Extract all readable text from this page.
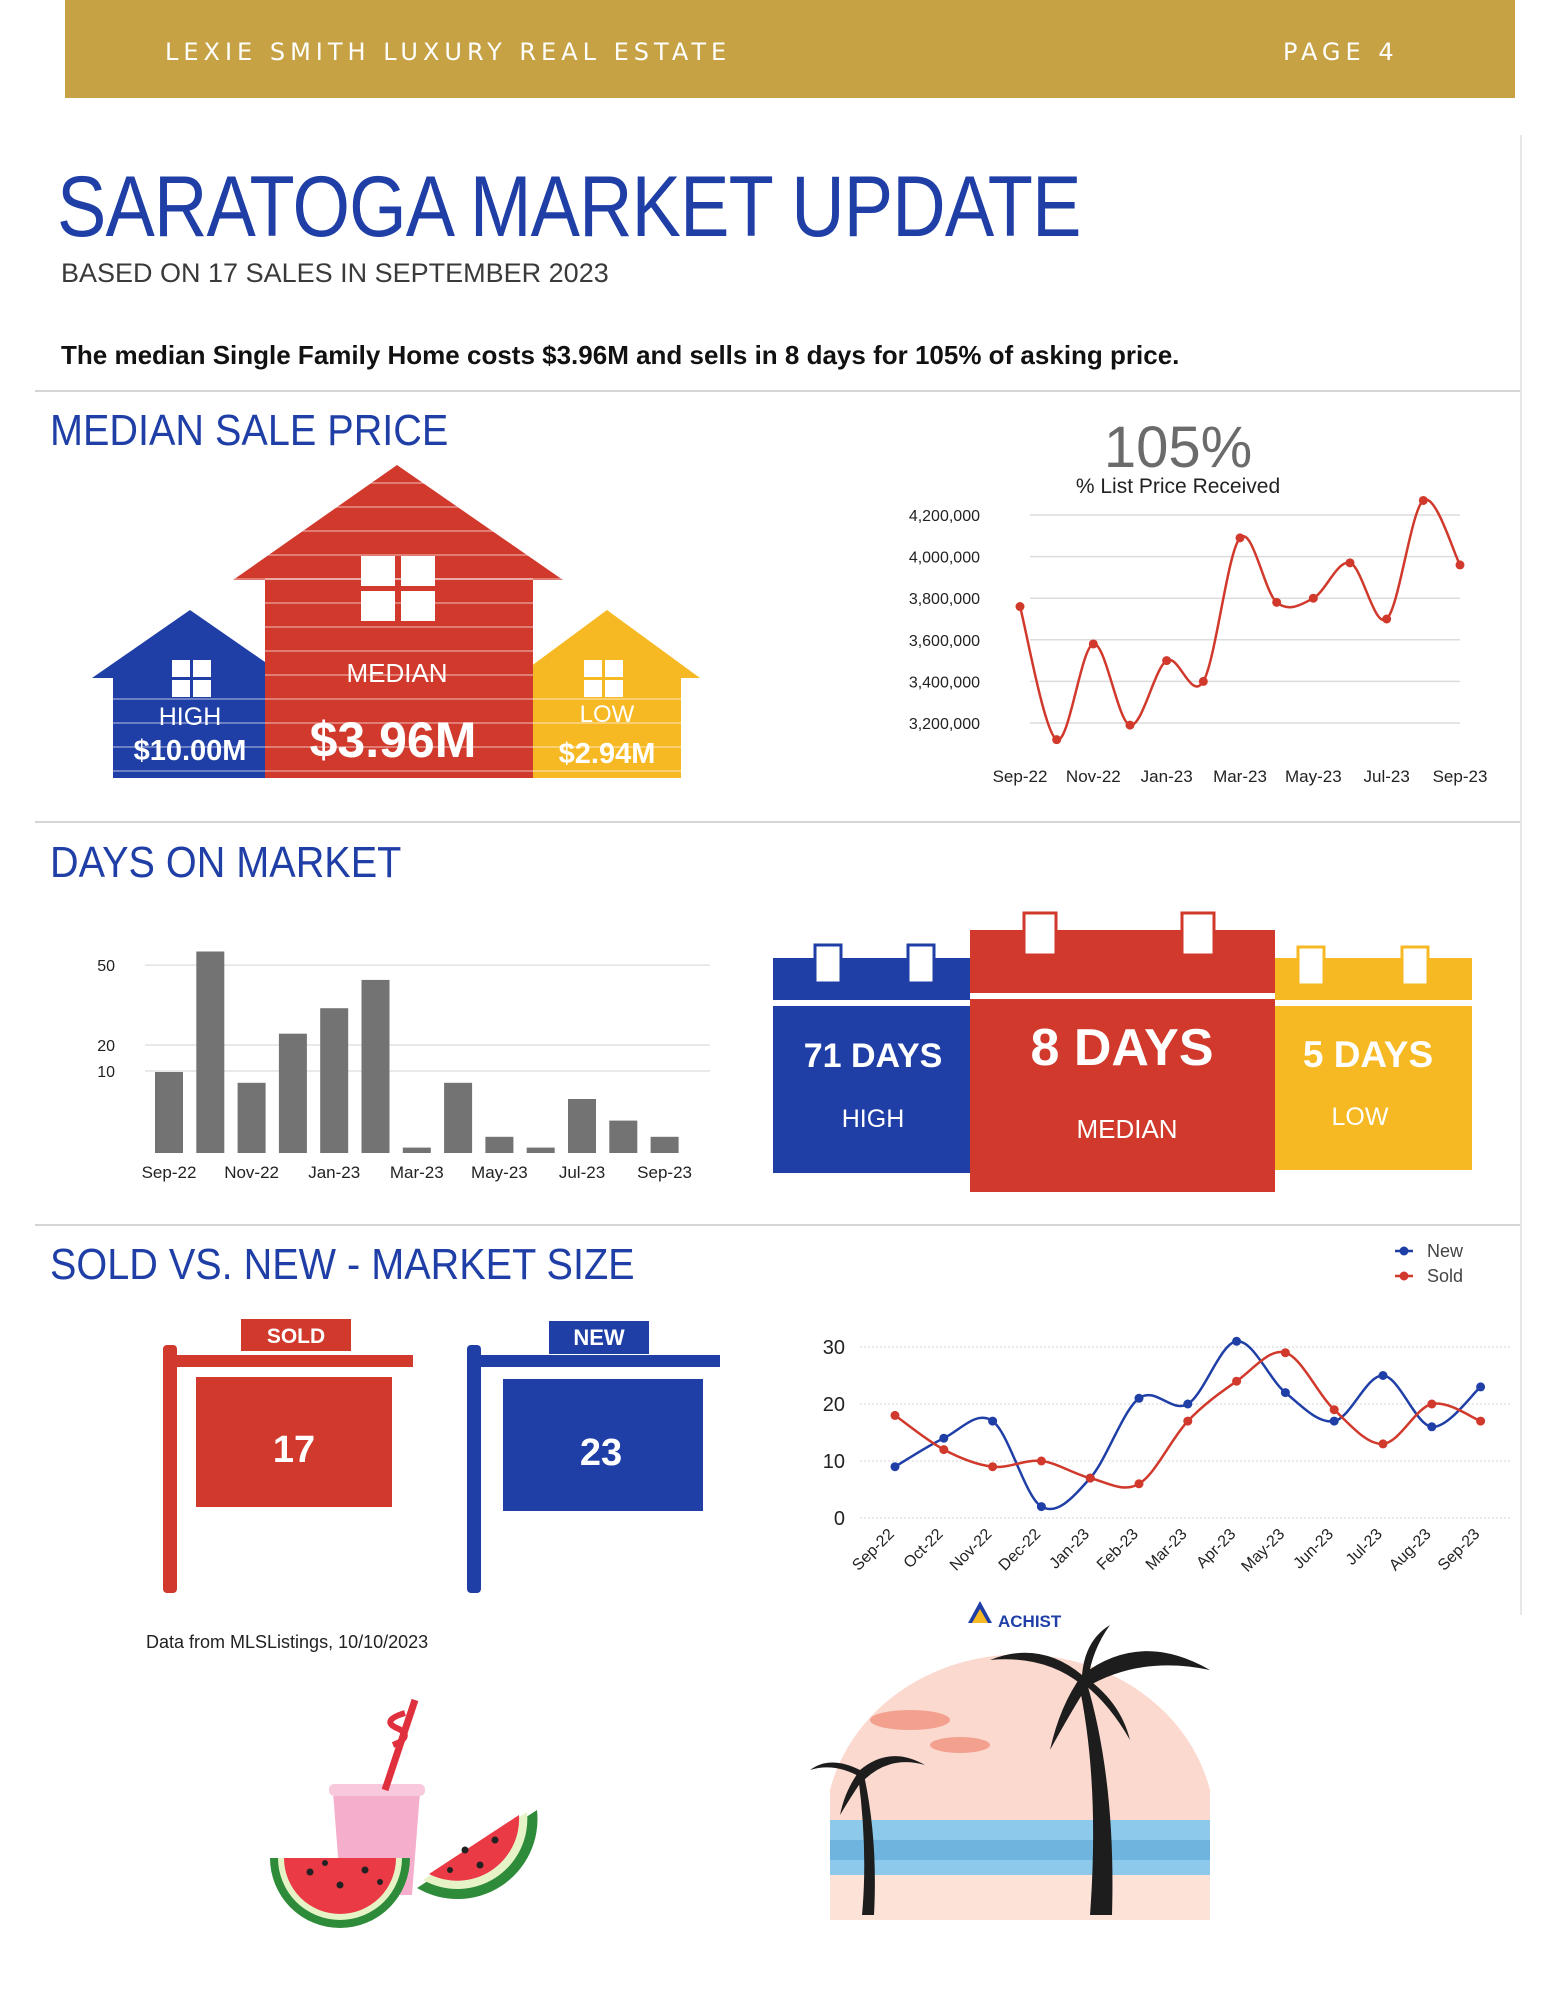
LEXIE SMITH LUXURY REAL ESTATE	PAGE 4
SARATOGA MARKET UPDATE
BASED ON 17 SALES IN SEPTEMBER 2023
The median Single Family Home costs $3.96M and sells in 8 days for 105% of asking price.
MEDIAN SALE PRICE
HIGH
$10.00M
MEDIAN
$3.96M	LOW
$2.94M
105%
% List Price Received
3,200,000
3,400,000
3,600,000
3,800,000
4,000,000
4,200,000
Sep-22 Nov-22 Jan-23 Mar-23 May-23 Jul-23 Sep-23
DAYS ON MARKET
10
20
50
Sep-22 Nov-22 Jan-23 Mar-23 May-23 Jul-23 Sep-23
71 DAYS
HIGH
5 DAYS
LOW
8 DAYS
MEDIAN
SOLD VS. NEW - MARKET SIZE
SOLD
17
NEW
23
New
Sold
0
10
20
30
Sep-22 Oct-22 Nov-22 Dec-22 Jan-23 Feb-23 Mar-23 Apr-23 May-23 Jun-23 Jul-23 Aug-23 Sep-23
ACHIST
Data from MLSListings, 10/10/2023
